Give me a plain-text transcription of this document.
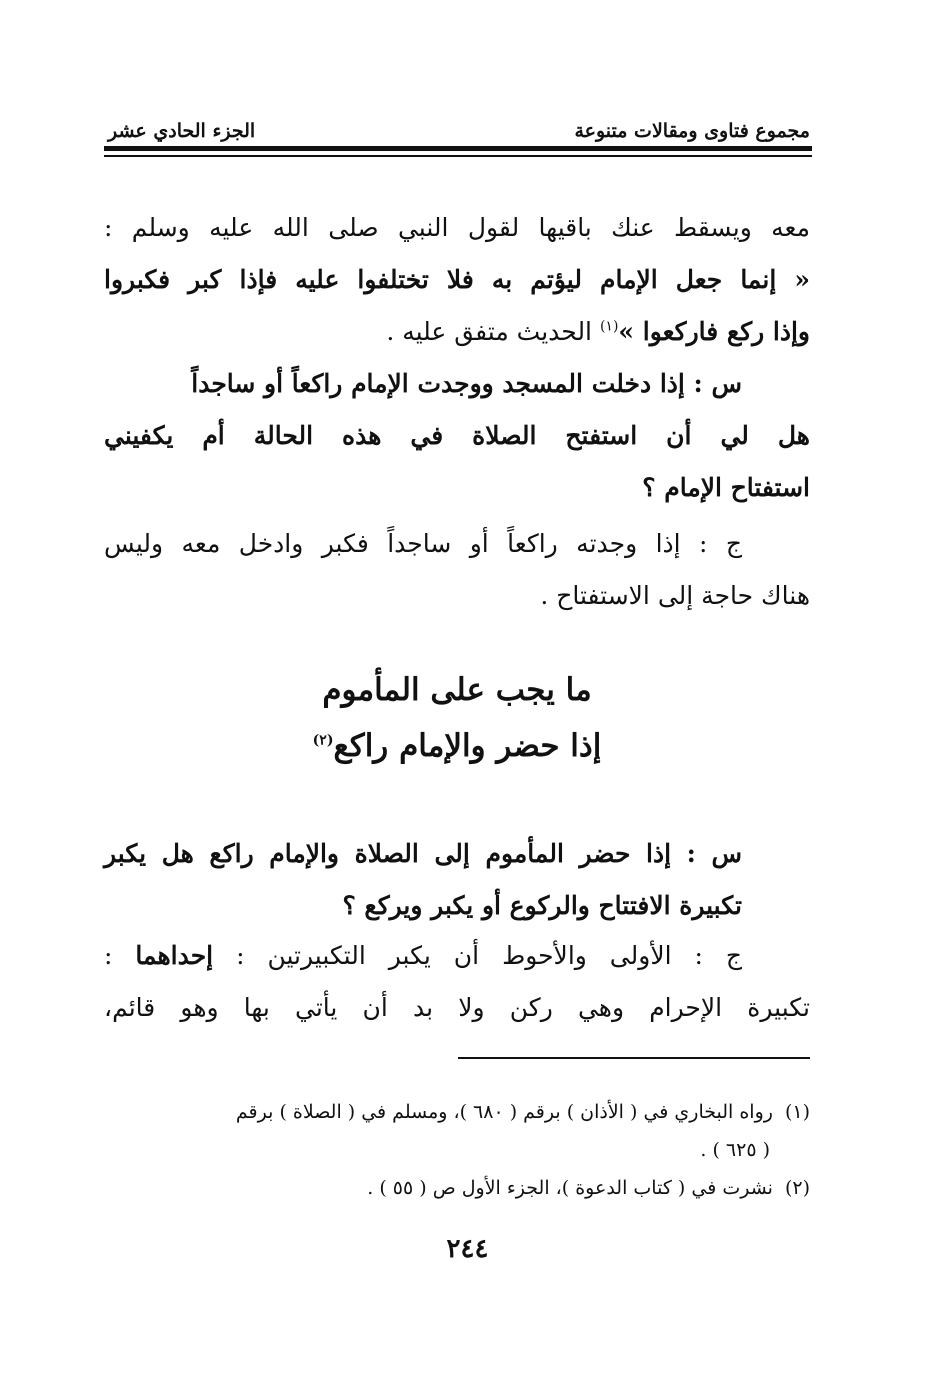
مجموع فتاوى ومقالات متنوعة
الجزء الحادي عشر
معه ويسقط عنك باقيها لقول النبي صلى الله عليه وسلم :
« إنما جعل الإمام ليؤتم به فلا تختلفوا عليه فإذا كبر فكبروا
وإذا ركع فاركعوا »$^{(١)}$ الحديث متفق عليه .
س : إذا دخلت المسجد ووجدت الإمام راكعاً أو ساجداً
هل لي أن استفتح الصلاة في هذه الحالة أم يكفيني
استفتاح الإمام ؟
ج : إذا وجدته راكعاً أو ساجداً فكبر وادخل معه وليس
هناك حاجة إلى الاستفتاح .
ما يجب على المأموم
إذا حضر والإمام راكع$^{(٢)}$
س : إذا حضر المأموم إلى الصلاة والإمام راكع هل يكبر
تكبيرة الافتتاح والركوع أو يكبر ويركع ؟
ج : الأولى والأحوط أن يكبر التكبيرتين : إحداهما :
تكبيرة الإحرام وهي ركن ولا بد أن يأتي بها وهو قائم،
(١)رواه البخاري في ( الأذان ) برقم ( ٦٨٠ )، ومسلم في ( الصلاة ) برقم
( ٦٢٥ ) .
(٢)نشرت في ( كتاب الدعوة )، الجزء الأول ص ( ٥٥ ) .
٢٤٤
